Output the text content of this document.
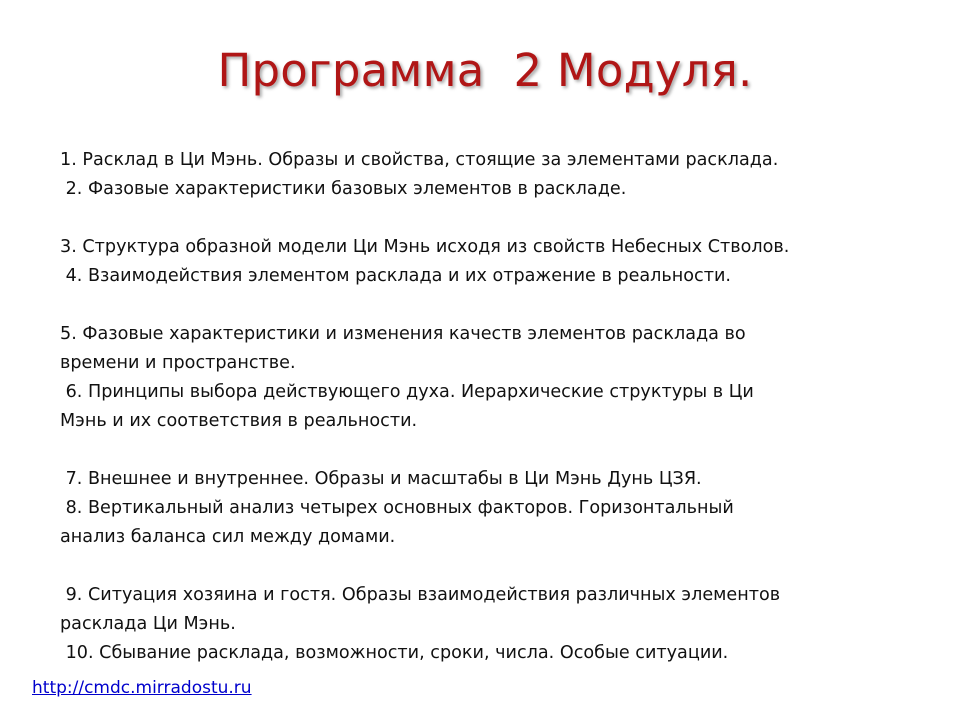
Программа  2 Модуля.
1. Расклад в Ци Мэнь. Образы и свойства, стоящие за элементами расклада.
2. Фазовые характеристики базовых элементов в раскладе.
3. Структура образной модели Ци Мэнь исходя из свойств Небесных Стволов.
4. Взаимодействия элементом расклада и их отражение в реальности.
5. Фазовые характеристики и изменения качеств элементов расклада во
времени и пространстве.
6. Принципы выбора действующего духа. Иерархические структуры в Ци
Мэнь и их соответствия в реальности.
7. Внешнее и внутреннее. Образы и масштабы в Ци Мэнь Дунь ЦЗЯ.
8. Вертикальный анализ четырех основных факторов. Горизонтальный
анализ баланса сил между домами.
9. Ситуация хозяина и гостя. Образы взаимодействия различных элементов
расклада Ци Мэнь.
10. Сбывание расклада, возможности, сроки, числа. Особые ситуации.
http://cmdc.mirradostu.ru
